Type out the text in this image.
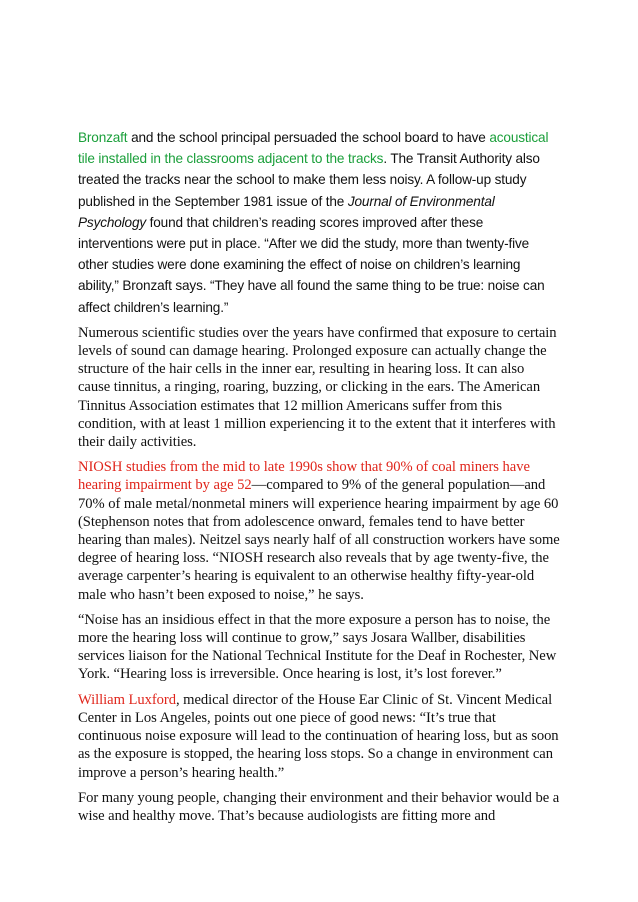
Bronzaft and the school principal persuaded the school board to have acoustical tile installed in the classrooms adjacent to the tracks. The Transit Authority also treated the tracks near the school to make them less noisy. A follow-up study published in the September 1981 issue of the Journal of Environmental Psychology found that children’s reading scores improved after these interventions were put in place. “After we did the study, more than twenty-five other studies were done examining the effect of noise on children’s learning ability,” Bronzaft says. “They have all found the same thing to be true: noise can affect children’s learning.”

Numerous scientific studies over the years have confirmed that exposure to certain levels of sound can damage hearing. Prolonged exposure can actually change the structure of the hair cells in the inner ear, resulting in hearing loss. It can also cause tinnitus, a ringing, roaring, buzzing, or clicking in the ears. The American Tinnitus Association estimates that 12 million Americans suffer from this condition, with at least 1 million experiencing it to the extent that it interferes with their daily activities.

NIOSH studies from the mid to late 1990s show that 90% of coal miners have hearing impairment by age 52—compared to 9% of the general population—and 70% of male metal/nonmetal miners will experience hearing impairment by age 60 (Stephenson notes that from adolescence onward, females tend to have better hearing than males). Neitzel says nearly half of all construction workers have some degree of hearing loss. “NIOSH research also reveals that by age twenty-five, the average carpenter’s hearing is equivalent to an otherwise healthy fifty-year-old male who hasn’t been exposed to noise,” he says.

“Noise has an insidious effect in that the more exposure a person has to noise, the more the hearing loss will continue to grow,” says Josara Wallber, disabilities services liaison for the National Technical Institute for the Deaf in Rochester, New York. “Hearing loss is irreversible. Once hearing is lost, it’s lost forever.”

William Luxford, medical director of the House Ear Clinic of St. Vincent Medical Center in Los Angeles, points out one piece of good news: “It’s true that continuous noise exposure will lead to the continuation of hearing loss, but as soon as the exposure is stopped, the hearing loss stops. So a change in environment can improve a person’s hearing health.”

For many young people, changing their environment and their behavior would be a wise and healthy move. That’s because audiologists are fitting more and
